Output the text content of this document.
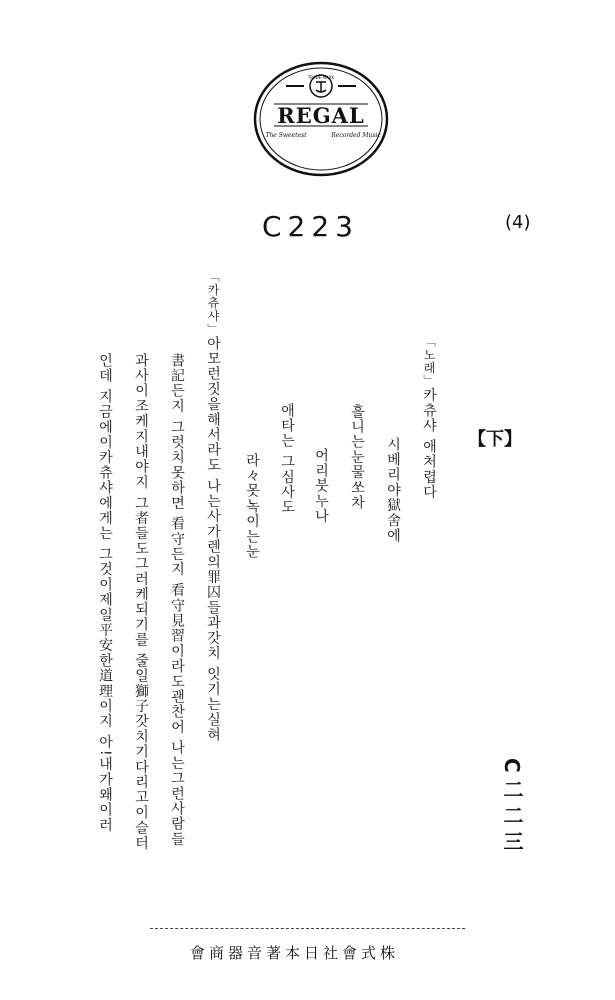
TRADE MARK
REGAL
The Sweetest	Recorded Music
C223	(4)
【下】
C二二三
「노래」카츄샤 애처렵다
시베리야獄舍에
흘니는눈물쏘차
어리붓누나
애타는 그심사도
라々못녹이는눈
「카츄샤」아모런짓을해서라도 나는사가렌의罪囚들과갓치 잇기는실혀
書記든지 그럿치못하면 看守든지 看守見習이라도괜찬어 나는그런사람들
과사이조케지내야지 그者들도그러케되기를 줄일獅子갓치기다리고이슬터
인데 지금에이카츄샤에게는 그것이제일平安한道理이지 아!내가왜이러
會商器音著本日社會式株
